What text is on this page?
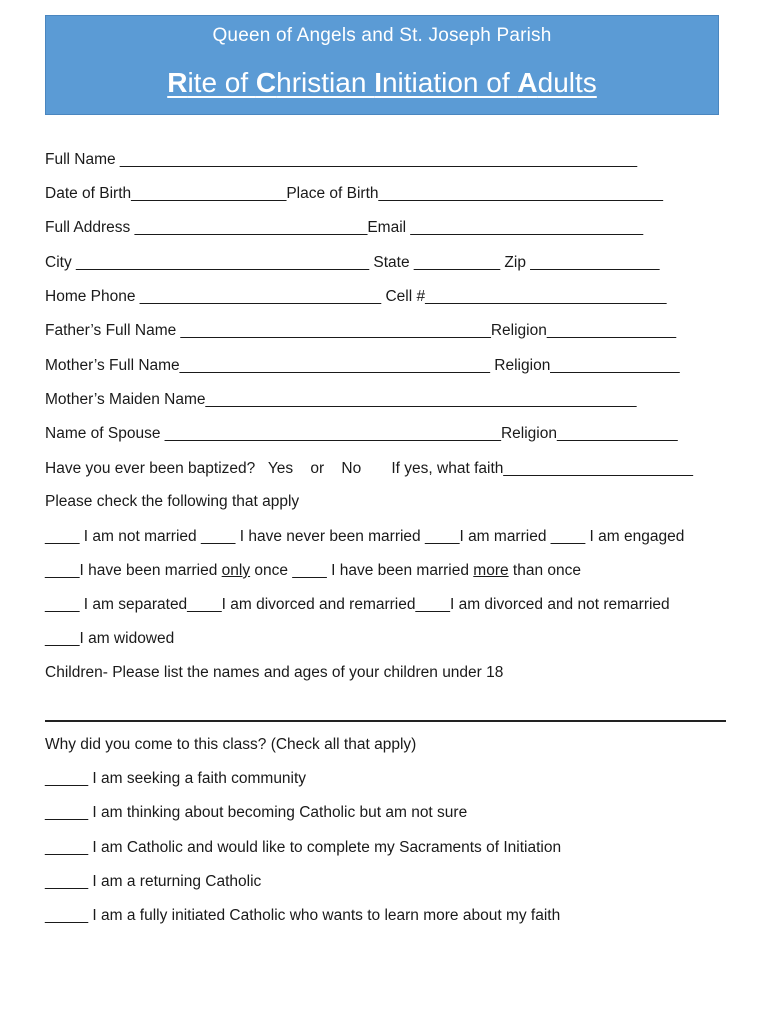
Queen of Angels and St. Joseph Parish
Rite of Christian Initiation of Adults
Full Name ____________________________________________________________
Date of Birth__________________Place of Birth_________________________________
Full Address ___________________________Email ___________________________
City __________________________________ State __________ Zip _______________
Home Phone ____________________________ Cell #____________________________
Father’s Full Name ____________________________________Religion_______________
Mother’s Full Name____________________________________ Religion_______________
Mother’s Maiden Name__________________________________________________
Name of Spouse _______________________________________Religion______________
Have you ever been baptized?   Yes    or    No       If yes, what faith______________________
Please check the following that apply
____ I am not married ____ I have never been married ____I am married ____ I am engaged
____I have been married only once ____ I have been married more than once
____ I am separated____I am divorced and remarried____I am divorced and not remarried
____I am widowed
Children- Please list the names and ages of your children under 18
Why did you come to this class? (Check all that apply)
_____ I am seeking a faith community
_____ I am thinking about becoming Catholic but am not sure
_____ I am Catholic and would like to complete my Sacraments of Initiation
_____ I am a returning Catholic
_____ I am a fully initiated Catholic who wants to learn more about my faith
